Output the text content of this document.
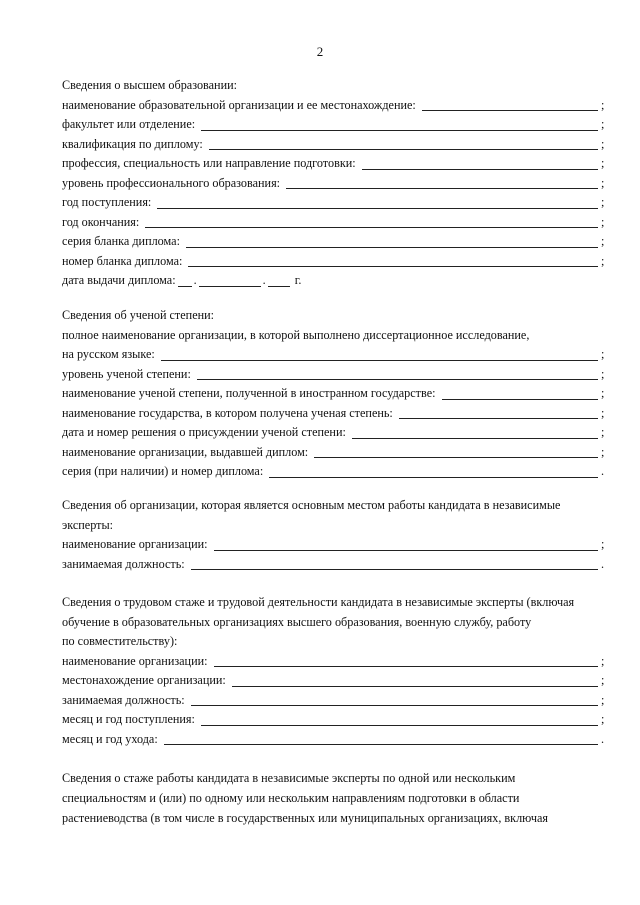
2
Сведения о высшем образовании:
наименование образовательной организации и ее местонахождение:	;
факультет или отделение:	;
квалификация по диплому:	;
профессия, специальность или направление подготовки:	;
уровень профессионального образования:	;
год поступления:	;
год окончания:	;
серия бланка диплома:	;
номер бланка диплома:	;
дата выдачи диплома: .	. г.
Сведения об ученой степени:
полное наименование организации, в которой выполнено диссертационное исследование,
на русском языке:	;
уровень ученой степени:	;
наименование ученой степени, полученной в иностранном государстве:	;
наименование государства, в котором получена ученая степень:	;
дата и номер решения о присуждении ученой степени:	;
наименование организации, выдавшей диплом:	;
серия (при наличии) и номер диплома:	.
Сведения об организации, которая является основным местом работы кандидата в независимые
эксперты:
наименование организации:	;
занимаемая должность:	.
Сведения о трудовом стаже и трудовой деятельности кандидата в независимые эксперты (включая
обучение в образовательных организациях высшего образования, военную службу, работу
по совместительству):
наименование организации:	;
местонахождение организации:	;
занимаемая должность:	;
месяц и год поступления:	;
месяц и год ухода:	.
Сведения о стаже работы кандидата в независимые эксперты по одной или нескольким
специальностям и (или) по одному или нескольким направлениям подготовки в области
растениеводства (в том числе в государственных или муниципальных организациях, включая
